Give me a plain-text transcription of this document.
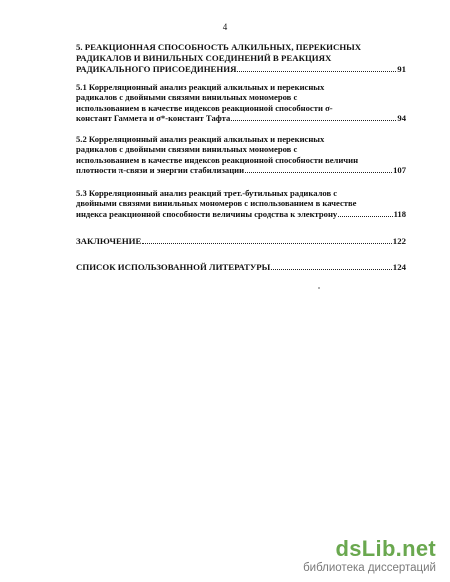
4
5. РЕАКЦИОННАЯ СПОСОБНОСТЬ АЛКИЛЬНЫХ, ПЕРЕКИСНЫХ
РАДИКАЛОВ И ВИНИЛЬНЫХ СОЕДИНЕНИЙ В РЕАКЦИЯХ
РАДИКАЛЬНОГО ПРИСОЕДИНЕНИЯ	91
5.1 Корреляционный анализ реакций алкильных и перекисных
радикалов с двойными связями винильных мономеров с
использованием в качестве индексов реакционной способности σ-
констант Гаммета и σ*-констант Тафта	94
5.2 Корреляционный анализ реакций алкильных и перекисных
радикалов с двойными связями винильных мономеров с
использованием в качестве индексов реакционной способности величин
плотности π-связи и энергии стабилизации	107
5.3 Корреляционный анализ реакций трет.-бутильных радикалов с
двойными связями винильных мономеров с использованием в качестве
индекса реакционной способности величины сродства к электрону	118
ЗАКЛЮЧЕНИЕ	122
СПИСОК ИСПОЛЬЗОВАННОЙ ЛИТЕРАТУРЫ	124
dsLib.net
библиотека диссертаций
